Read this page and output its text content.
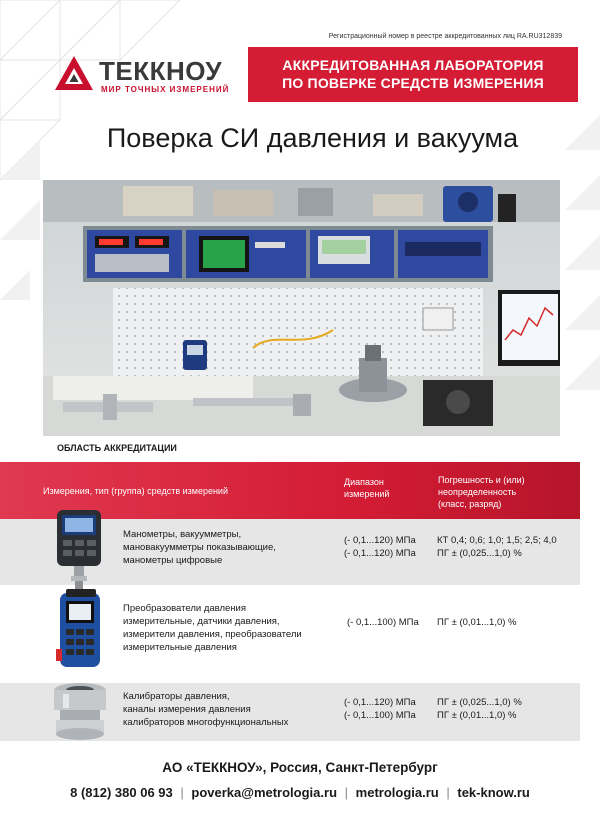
Регистрационный номер в реестре аккредитованных лиц RA.RU312839
ТЕККНОУ
МИР ТОЧНЫХ ИЗМЕРЕНИЙ
АККРЕДИТОВАННАЯ ЛАБОРАТОРИЯ
ПО ПОВЕРКЕ СРЕДСТВ ИЗМЕРЕНИЯ
Поверка СИ давления и вакуума
ОБЛАСТЬ АККРЕДИТАЦИИ
Измерения, тип (группа) средств измерений
Диапазон
измерений
Погрешность и (или)
неопределенность
(класс, разряд)
Манометры, вакуумметры,
мановакуумметры показывающие,
манометры цифровые
(- 0,1...120) МПа
(- 0,1...120) МПа
КТ 0,4; 0,6; 1,0; 1,5; 2,5; 4,0
ПГ ± (0,025...1,0) %
Преобразователи давления
измерительные, датчики давления,
измерители давления, преобразователи
измерительные давления
(- 0,1...100) МПа ПГ ± (0,01...1,0) %
Калибраторы давления,
каналы измерения давления
калибраторов многофункциональных
(- 0,1...120) МПа
(- 0,1...100) МПа
ПГ ± (0,025...1,0) %
ПГ ± (0,01...1,0) %
АО «ТЕККНОУ», Россия, Санкт-Петербург
8 (812) 380 06 93 | poverka@metrologia.ru | metrologia.ru | tek-know.ru
